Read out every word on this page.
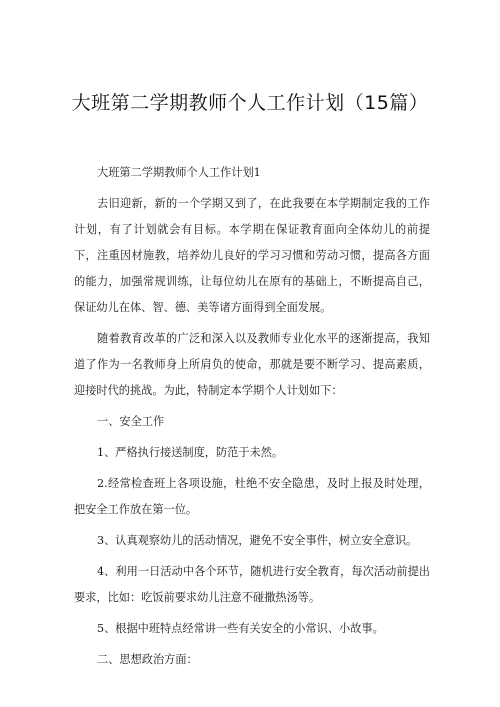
大班第二学期教师个人工作计划（15篇）

大班第二学期教师个人工作计划1

去旧迎新，新的一个学期又到了，在此我要在本学期制定我的工作计划，有了计划就会有目标。本学期在保证教育面向全体幼儿的前提下，注重因材施教，培养幼儿良好的学习习惯和劳动习惯，提高各方面的能力，加强常规训练，让每位幼儿在原有的基础上，不断提高自己，保证幼儿在体、智、德、美等诸方面得到全面发展。

随着教育改革的广泛和深入以及教师专业化水平的逐渐提高，我知道了作为一名教师身上所肩负的使命，那就是要不断学习、提高素质，迎接时代的挑战。为此，特制定本学期个人计划如下：

一、安全工作

1、严格执行接送制度，防范于未然。

2.经常检查班上各项设施，杜绝不安全隐患，及时上报及时处理，把安全工作放在第一位。

3、认真观察幼儿的活动情况，避免不安全事件，树立安全意识。

4、利用一日活动中各个环节，随机进行安全教育，每次活动前提出要求，比如：吃饭前要求幼儿注意不碰撒热汤等。

5、根据中班特点经常讲一些有关安全的小常识、小故事。

二、思想政治方面：
